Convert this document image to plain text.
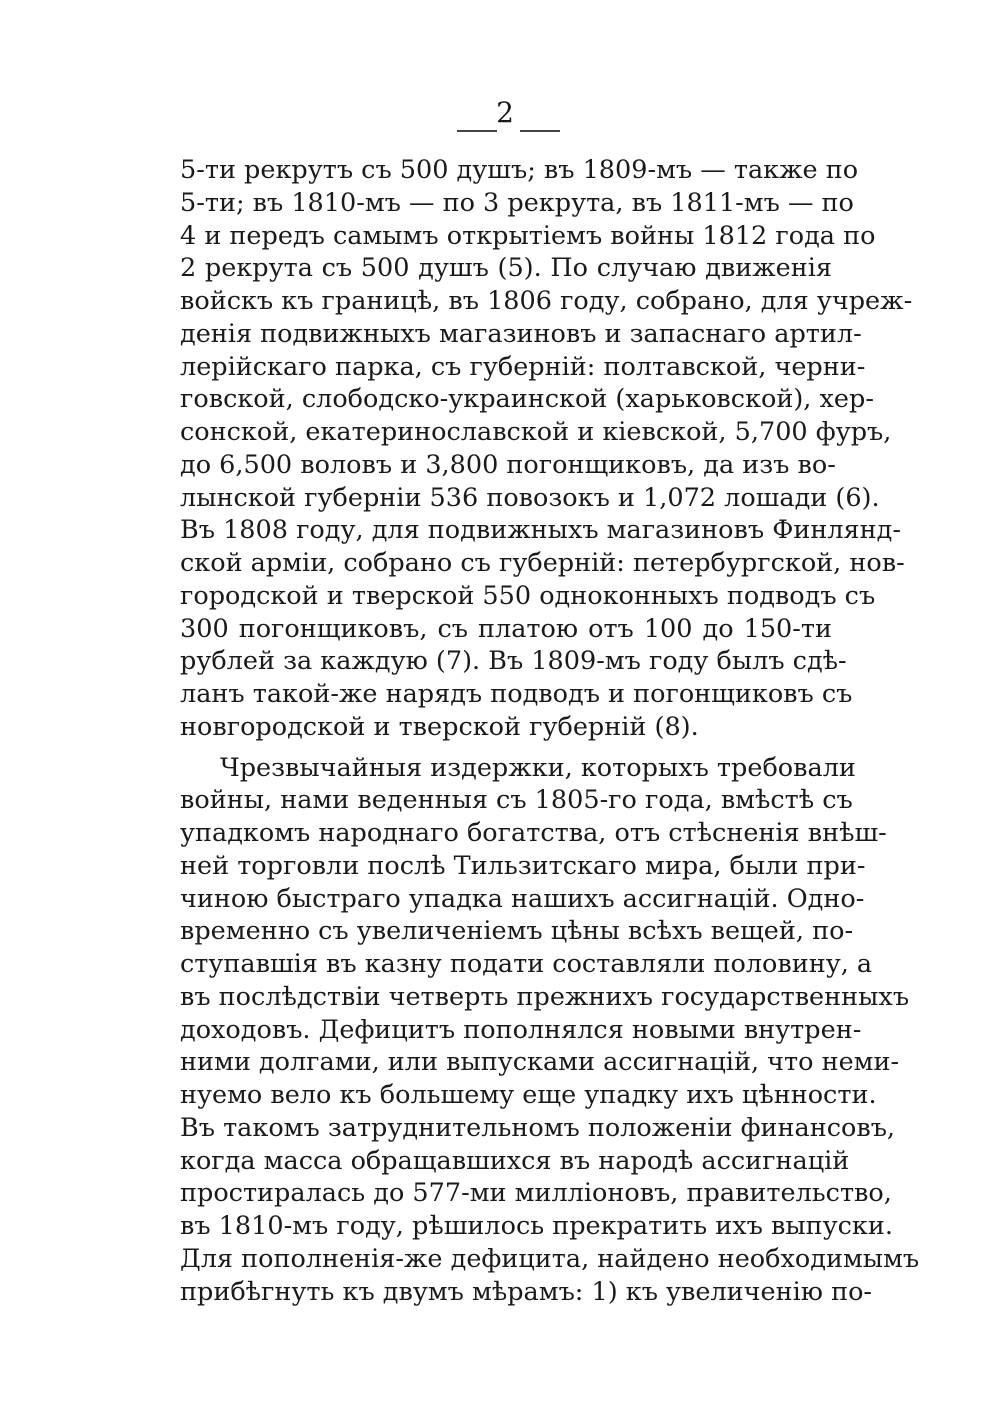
2
5-ти рекрутъ съ 500 душъ; въ 1809-мъ — также по
5-ти; въ 1810-мъ — по 3 рекрута, въ 1811-мъ — по
4 и передъ самымъ открытіемъ войны 1812 года по
2 рекрута съ 500 душъ (5). По случаю движенія
войскъ къ границѣ, въ 1806 году, собрано, для учреж-
денія подвижныхъ магазиновъ и запаснаго артил-
лерійскаго парка, съ губерній: полтавской, черни-
говской, слободско-украинской (харьковской), хер-
сонской, екатеринославской и кіевской, 5,700 фуръ,
до 6,500 воловъ и 3,800 погонщиковъ, да изъ во-
лынской губерніи 536 повозокъ и 1,072 лошади (6).
Въ 1808 году, для подвижныхъ магазиновъ Финлянд-
ской арміи, собрано съ губерній: петербургской, нов-
городской и тверской 550 одноконныхъ подводъ съ
300 погонщиковъ, съ платою отъ 100 до 150-ти
рублей за каждую (7). Въ 1809-мъ году былъ сдѣ-
ланъ такой-же нарядъ подводъ и погонщиковъ съ
новгородской и тверской губерній (8).
Чрезвычайныя издержки, которыхъ требовали
войны, нами веденныя съ 1805-го года, вмѣстѣ съ
упадкомъ народнаго богатства, отъ стѣсненія внѣш-
ней торговли послѣ Тильзитскаго мира, были при-
чиною быстраго упадка нашихъ ассигнацій. Одно-
временно съ увеличеніемъ цѣны всѣхъ вещей, по-
ступавшія въ казну подати составляли половину, а
въ послѣдствіи четверть прежнихъ государственныхъ
доходовъ. Дефицитъ пополнялся новыми внутрен-
ними долгами, или выпусками ассигнацій, что неми-
нуемо вело къ большему еще упадку ихъ цѣнности.
Въ такомъ затруднительномъ положеніи финансовъ,
когда масса обращавшихся въ народѣ ассигнацій
простиралась до 577-ми милліоновъ, правительство,
въ 1810-мъ году, рѣшилось прекратить ихъ выпуски.
Для пополненія-же дефицита, найдено необходимымъ
прибѣгнуть къ двумъ мѣрамъ: 1) къ увеличенію по-
